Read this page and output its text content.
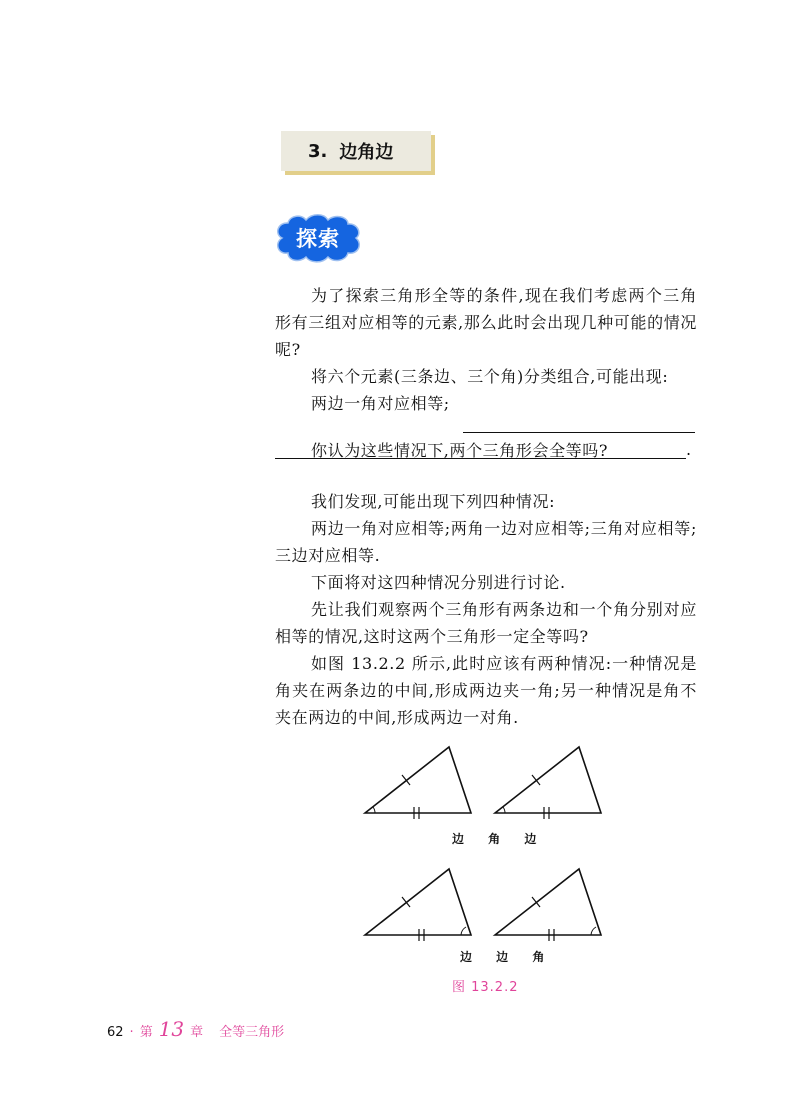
3. 边角边
探索

为了探索三角形全等的条件,现在我们考虑两个三角形有三组对应相等的元素,那么此时会出现几种可能的情况呢?

将六个元素(三条边、三个角)分类组合,可能出现:

两边一角对应相等;

.

你认为这些情况下,两个三角形会全等吗?

我们发现,可能出现下列四种情况:

两边一角对应相等;两角一边对应相等;三角对应相等;三边对应相等.

下面将对这四种情况分别进行讨论.

先让我们观察两个三角形有两条边和一个角分别对应相等的情况,这时这两个三角形一定全等吗?

如图 13.2.2 所示,此时应该有两种情况:一种情况是角夹在两条边的中间,形成两边夹一角;另一种情况是角不夹在两边的中间,形成两边一对角.

边 角 边
边 边 角
图 13.2.2
62 · 第 13 章 全等三角形
